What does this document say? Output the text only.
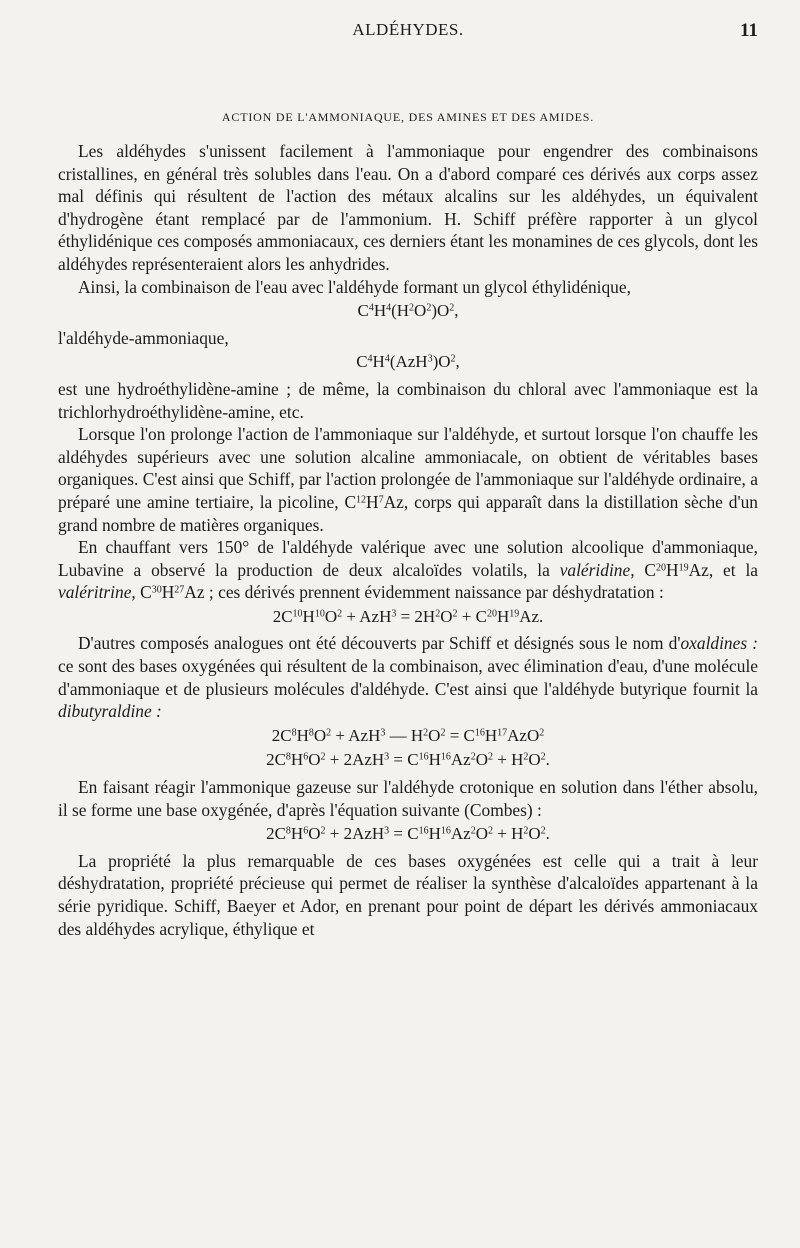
ALDÉHYDES.	11
ACTION DE L'AMMONIAQUE, DES AMINES ET DES AMIDES.

Les aldéhydes s'unissent facilement à l'ammoniaque pour engendrer des combinaisons cristallines, en général très solubles dans l'eau. On a d'abord comparé ces dérivés aux corps assez mal définis qui résultent de l'action des métaux alcalins sur les aldéhydes, un équivalent d'hydrogène étant remplacé par de l'ammonium. H. Schiff préfère rapporter à un glycol éthylidénique ces composés ammoniacaux, ces derniers étant les monamines de ces glycols, dont les aldéhydes représenteraient alors les anhydrides.

Ainsi, la combinaison de l'eau avec l'aldéhyde formant un glycol éthylidénique,

$C^4H^4(H^2O^2)O^2$,

l'aldéhyde-ammoniaque,

$C^4H^4(AzH^3)O^2$,

est une hydroéthylidène-amine ; de même, la combinaison du chloral avec l'ammoniaque est la trichlorhydroéthylidène-amine, etc.

Lorsque l'on prolonge l'action de l'ammoniaque sur l'aldéhyde, et surtout lorsque l'on chauffe les aldéhydes supérieurs avec une solution alcaline ammoniacale, on obtient de véritables bases organiques. C'est ainsi que Schiff, par l'action prolongée de l'ammoniaque sur l'aldéhyde ordinaire, a préparé une amine tertiaire, la picoline, $C^{12}H^7Az$, corps qui apparaît dans la distillation sèche d'un grand nombre de matières organiques.

En chauffant vers 150° de l'aldéhyde valérique avec une solution alcoolique d'ammoniaque, Lubavine a observé la production de deux alcaloïdes volatils, la valéridine, $C^{20}H^{19}Az$, et la valéritrine, $C^{30}H^{27}Az$ ; ces dérivés prennent évidemment naissance par déshydratation :

$2C^{10}H^{10}O^2 + AzH^3 = 2H^2O^2 + C^{20}H^{19}Az$.

D'autres composés analogues ont été découverts par Schiff et désignés sous le nom d'oxaldines : ce sont des bases oxygénées qui résultent de la combinaison, avec élimination d'eau, d'une molécule d'ammoniaque et de plusieurs molécules d'aldéhyde. C'est ainsi que l'aldéhyde butyrique fournit la dibutyraldine :

$2C^8H^8O^2 + AzH^3$ — $H^2O^2 = C^{16}H^{17}AzO^2$
$2C^8H^6O^2 + 2AzH^3 = C^{16}H^{16}Az^2O^2 + H^2O^2$.

En faisant réagir l'ammonique gazeuse sur l'aldéhyde crotonique en solution dans l'éther absolu, il se forme une base oxygénée, d'après l'équation suivante (Combes) :

$2C^8H^6O^2 + 2AzH^3 = C^{16}H^{16}Az^2O^2 + H^2O^2$.

La propriété la plus remarquable de ces bases oxygénées est celle qui a trait à leur déshydratation, propriété précieuse qui permet de réaliser la synthèse d'alcaloïdes appartenant à la série pyridique. Schiff, Baeyer et Ador, en prenant pour point de départ les dérivés ammoniacaux des aldéhydes acrylique, éthylique et
